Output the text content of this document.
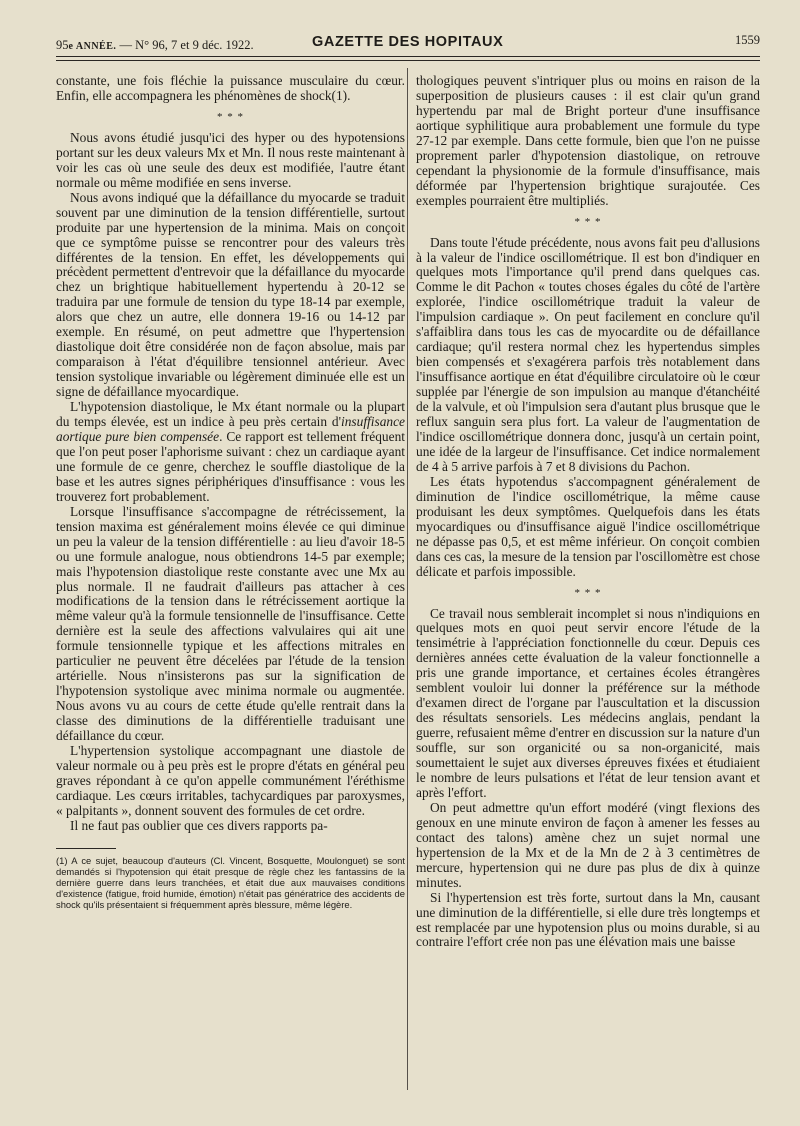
95e ANNÉE. — N° 96, 7 et 9 déc. 1922.	GAZETTE DES HOPITAUX	1559

constante, une fois fléchie la puissance musculaire du cœur. Enfin, elle accompagnera les phénomènes de shock(1).

* * *

Nous avons étudié jusqu'ici des hyper ou des hypotensions portant sur les deux valeurs Mx et Mn. Il nous reste maintenant à voir les cas où une seule des deux est modifiée, l'autre étant normale ou même modifiée en sens inverse.

Nous avons indiqué que la défaillance du myocarde se traduit souvent par une diminution de la tension différentielle, surtout produite par une hypertension de la minima. Mais on conçoit que ce symptôme puisse se rencontrer pour des valeurs très différentes de la tension. En effet, les développements qui précèdent permettent d'entrevoir que la défaillance du myocarde chez un brightique habituellement hypertendu à 20-12 se traduira par une formule de tension du type 18-14 par exemple, alors que chez un autre, elle donnera 19-16 ou 14-12 par exemple. En résumé, on peut admettre que l'hypertension diastolique doit être considérée non de façon absolue, mais par comparaison à l'état d'équilibre tensionnel antérieur. Avec tension systolique invariable ou légèrement diminuée elle est un signe de défaillance myocardique.

L'hypotension diastolique, le Mx étant normale ou la plupart du temps élevée, est un indice à peu près certain d'insuffisance aortique pure bien compensée. Ce rapport est tellement fréquent que l'on peut poser l'aphorisme suivant : chez un cardiaque ayant une formule de ce genre, cherchez le souffle diastolique de la base et les autres signes périphériques d'insuffisance : vous les trouverez fort probablement.

Lorsque l'insuffisance s'accompagne de rétrécissement, la tension maxima est généralement moins élevée ce qui diminue un peu la valeur de la tension différentielle : au lieu d'avoir 18-5 ou une formule analogue, nous obtiendrons 14-5 par exemple; mais l'hypotension diastolique reste constante avec une Mx au plus normale. Il ne faudrait d'ailleurs pas attacher à ces modifications de la tension dans le rétrécissement aortique la même valeur qu'à la formule tensionnelle de l'insuffisance. Cette dernière est la seule des affections valvulaires qui ait une formule tensionnelle typique et les affections mitrales en particulier ne peuvent être décelées par l'étude de la tension artérielle. Nous n'insisterons pas sur la signification de l'hypotension systolique avec minima normale ou augmentée. Nous avons vu au cours de cette étude qu'elle rentrait dans la classe des diminutions de la différentielle traduisant une défaillance du cœur.

L'hypertension systolique accompagnant une diastole de valeur normale ou à peu près est le propre d'états en général peu graves répondant à ce qu'on appelle communément l'éréthisme cardiaque. Les cœurs irritables, tachycardiques par paroxysmes, « palpitants », donnent souvent des formules de cet ordre.

Il ne faut pas oublier que ces divers rapports pa-

(1) A ce sujet, beaucoup d'auteurs (Cl. Vincent, Bosquette, Moulonguet) se sont demandés si l'hypotension qui était presque de règle chez les fantassins de la dernière guerre dans leurs tranchées, et était due aux mauvaises conditions d'existence (fatigue, froid humide, émotion) n'était pas génératrice des accidents de shock qu'ils présentaient si fréquemment après blessure, même légère.

thologiques peuvent s'intriquer plus ou moins en raison de la superposition de plusieurs causes : il est clair qu'un grand hypertendu par mal de Bright porteur d'une insuffisance aortique syphilitique aura probablement une formule du type 27-12 par exemple. Dans cette formule, bien que l'on ne puisse proprement parler d'hypotension diastolique, on retrouve cependant la physionomie de la formule d'insuffisance, mais déformée par l'hypertension brightique surajoutée. Ces exemples pourraient être multipliés.

* * *

Dans toute l'étude précédente, nous avons fait peu d'allusions à la valeur de l'indice oscillométrique. Il est bon d'indiquer en quelques mots l'importance qu'il prend dans quelques cas. Comme le dit Pachon « toutes choses égales du côté de l'artère explorée, l'indice oscillométrique traduit la valeur de l'impulsion cardiaque ». On peut facilement en conclure qu'il s'affaiblira dans tous les cas de myocardite ou de défaillance cardiaque; qu'il restera normal chez les hypertendus simples bien compensés et s'exagérera parfois très notablement dans l'insuffisance aortique en état d'équilibre circulatoire où le cœur supplée par l'énergie de son impulsion au manque d'étanchéité de la valvule, et où l'impulsion sera d'autant plus brusque que le reflux sanguin sera plus fort. La valeur de l'augmentation de l'indice oscillométrique donnera donc, jusqu'à un certain point, une idée de la largeur de l'insuffisance. Cet indice normalement de 4 à 5 arrive parfois à 7 et 8 divisions du Pachon.

Les états hypotendus s'accompagnent généralement de diminution de l'indice oscillométrique, la même cause produisant les deux symptômes. Quelquefois dans les états myocardiques ou d'insuffisance aiguë l'indice oscillométrique ne dépasse pas 0,5, et est même inférieur. On conçoit combien dans ces cas, la mesure de la tension par l'oscillomètre est chose délicate et parfois impossible.

* * *

Ce travail nous semblerait incomplet si nous n'indiquions en quelques mots en quoi peut servir encore l'étude de la tensimétrie à l'appréciation fonctionnelle du cœur. Depuis ces dernières années cette évaluation de la valeur fonctionnelle a pris une grande importance, et certaines écoles étrangères semblent vouloir lui donner la préférence sur la méthode d'examen direct de l'organe par l'auscultation et la discussion des résultats sensoriels. Les médecins anglais, pendant la guerre, refusaient même d'entrer en discussion sur la nature d'un souffle, sur son organicité ou sa non-organicité, mais soumettaient le sujet aux diverses épreuves fixées et étudiaient le nombre de leurs pulsations et l'état de leur tension avant et après l'effort.

On peut admettre qu'un effort modéré (vingt flexions des genoux en une minute environ de façon à amener les fesses au contact des talons) amène chez un sujet normal une hypertension de la Mx et de la Mn de 2 à 3 centimètres de mercure, hypertension qui ne dure pas plus de dix à quinze minutes.

Si l'hypertension est très forte, surtout dans la Mn, causant une diminution de la différentielle, si elle dure très longtemps et est remplacée par une hypotension plus ou moins durable, si au contraire l'effort crée non pas une élévation mais une baisse
